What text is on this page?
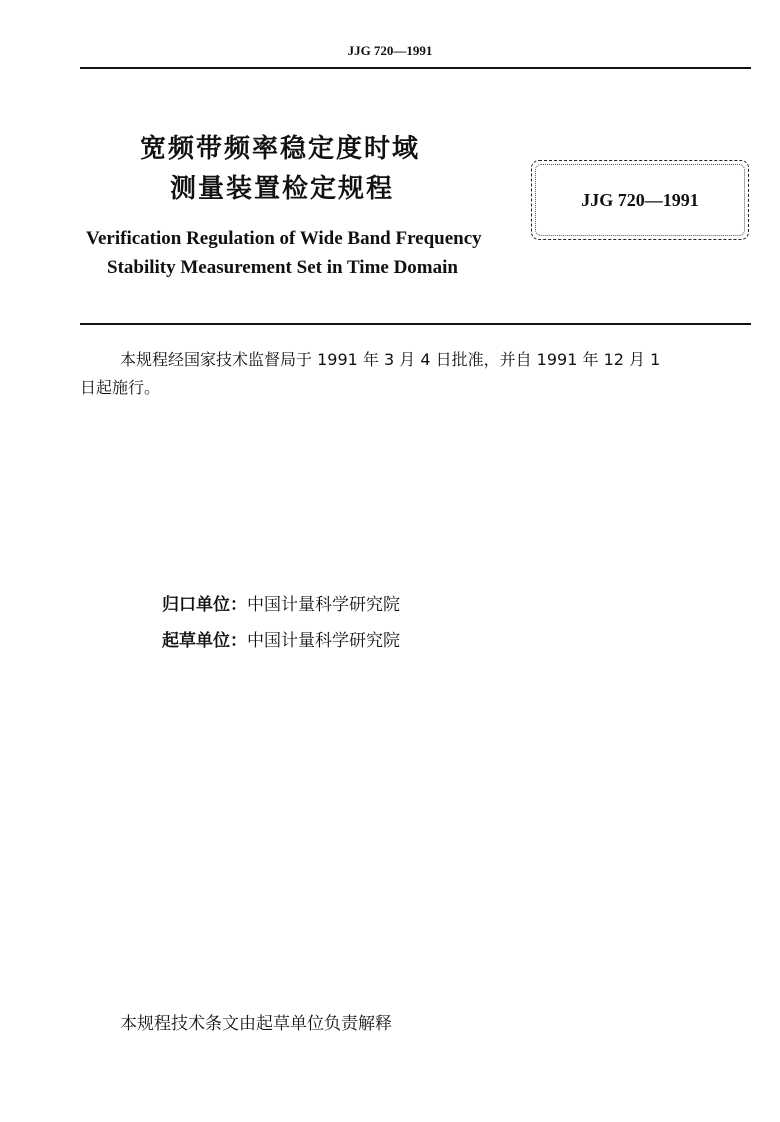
JJG 720—1991
宽频带频率稳定度时域
测量装置检定规程	JJG 720—1991
Verification Regulation of Wide Band Frequency
Stability Measurement Set in Time Domain
本规程经国家技术监督局于 1991 年 3 月 4 日批准，并自 1991 年 12 月 1
日起施行。
归口单位：中国计量科学研究院
起草单位：中国计量科学研究院
本规程技术条文由起草单位负责解释
